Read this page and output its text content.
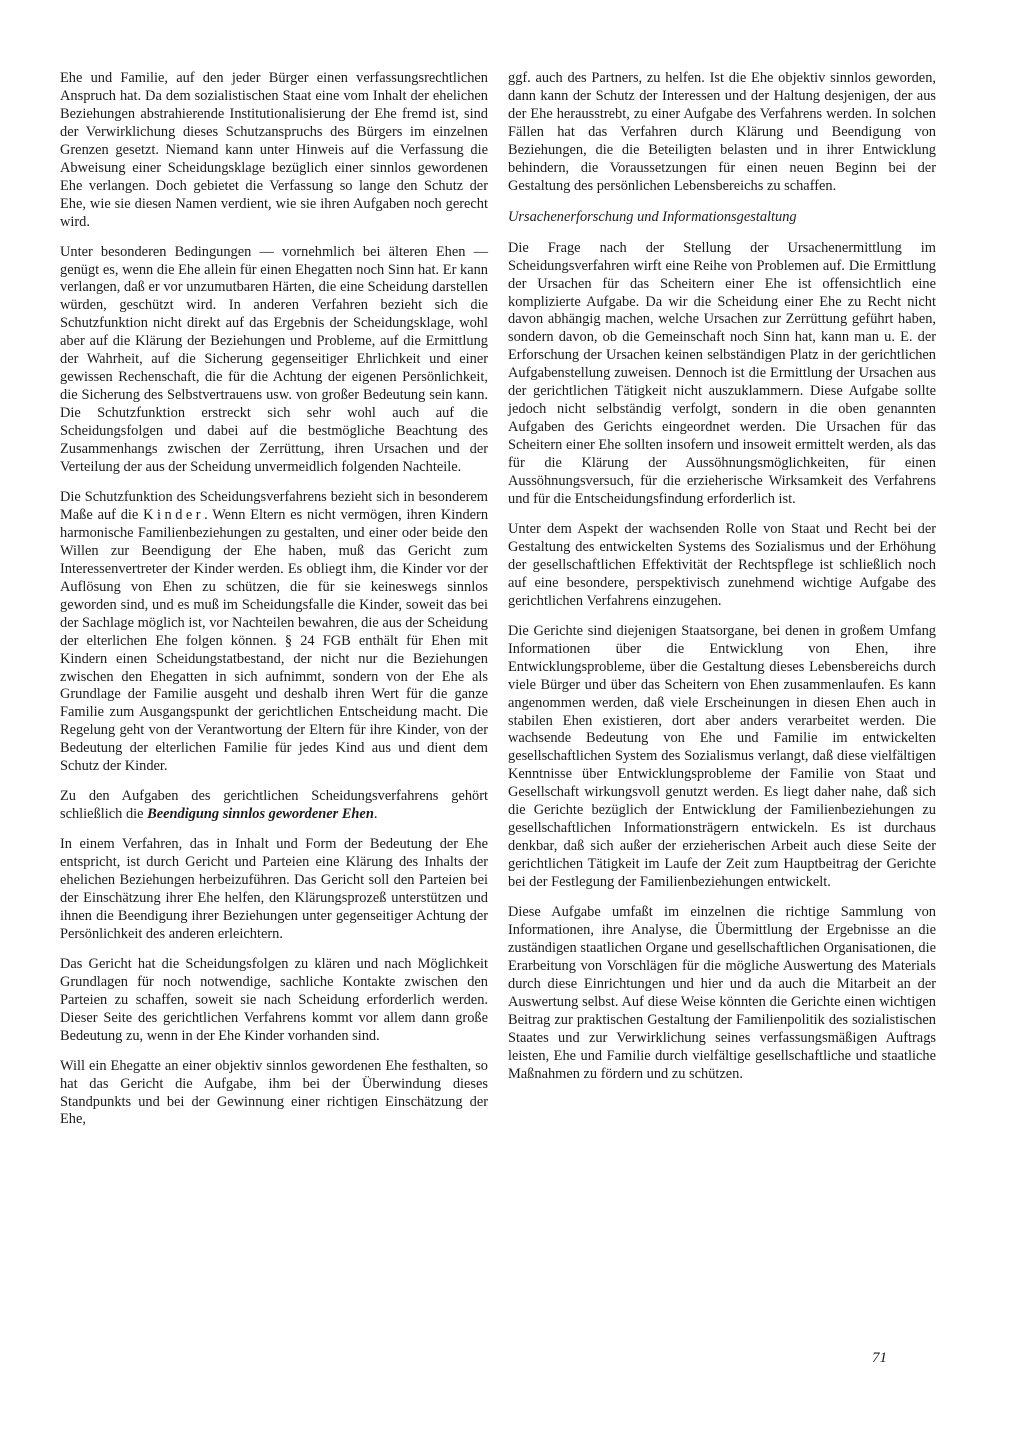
Ehe und Familie, auf den jeder Bürger einen verfassungsrechtlichen Anspruch hat. Da dem sozialistischen Staat eine vom Inhalt der ehelichen Beziehungen abstrahierende Institutionalisierung der Ehe fremd ist, sind der Verwirklichung dieses Schutzanspruchs des Bürgers im einzelnen Grenzen gesetzt. Niemand kann unter Hinweis auf die Verfassung die Abweisung einer Scheidungsklage bezüglich einer sinnlos gewordenen Ehe verlangen. Doch gebietet die Verfassung so lange den Schutz der Ehe, wie sie diesen Namen verdient, wie sie ihren Aufgaben noch gerecht wird.

Unter besonderen Bedingungen — vornehmlich bei älteren Ehen — genügt es, wenn die Ehe allein für einen Ehegatten noch Sinn hat. Er kann verlangen, daß er vor unzumutbaren Härten, die eine Scheidung darstellen würden, geschützt wird. In anderen Verfahren bezieht sich die Schutzfunktion nicht direkt auf das Ergebnis der Scheidungsklage, wohl aber auf die Klärung der Beziehungen und Probleme, auf die Ermittlung der Wahrheit, auf die Sicherung gegenseitiger Ehrlichkeit und einer gewissen Rechenschaft, die für die Achtung der eigenen Persönlichkeit, die Sicherung des Selbstvertrauens usw. von großer Bedeutung sein kann. Die Schutzfunktion erstreckt sich sehr wohl auch auf die Scheidungsfolgen und dabei auf die bestmögliche Beachtung des Zusammenhangs zwischen der Zerrüttung, ihren Ursachen und der Verteilung der aus der Scheidung unvermeidlich folgenden Nachteile.

Die Schutzfunktion des Scheidungsverfahrens bezieht sich in besonderem Maße auf die Kinder. Wenn Eltern es nicht vermögen, ihren Kindern harmonische Familienbeziehungen zu gestalten, und einer oder beide den Willen zur Beendigung der Ehe haben, muß das Gericht zum Interessenvertreter der Kinder werden. Es obliegt ihm, die Kinder vor der Auflösung von Ehen zu schützen, die für sie keineswegs sinnlos geworden sind, und es muß im Scheidungsfalle die Kinder, soweit das bei der Sachlage möglich ist, vor Nachteilen bewahren, die aus der Scheidung der elterlichen Ehe folgen können. § 24 FGB enthält für Ehen mit Kindern einen Scheidungstatbestand, der nicht nur die Beziehungen zwischen den Ehegatten in sich aufnimmt, sondern von der Ehe als Grundlage der Familie ausgeht und deshalb ihren Wert für die ganze Familie zum Ausgangspunkt der gerichtlichen Entscheidung macht. Die Regelung geht von der Verantwortung der Eltern für ihre Kinder, von der Bedeutung der elterlichen Familie für jedes Kind aus und dient dem Schutz der Kinder.

Zu den Aufgaben des gerichtlichen Scheidungsverfahrens gehört schließlich die Beendigung sinnlos gewordener Ehen.

In einem Verfahren, das in Inhalt und Form der Bedeutung der Ehe entspricht, ist durch Gericht und Parteien eine Klärung des Inhalts der ehelichen Beziehungen herbeizuführen. Das Gericht soll den Parteien bei der Einschätzung ihrer Ehe helfen, den Klärungsprozeß unterstützen und ihnen die Beendigung ihrer Beziehungen unter gegenseitiger Achtung der Persönlichkeit des anderen erleichtern.

Das Gericht hat die Scheidungsfolgen zu klären und nach Möglichkeit Grundlagen für noch notwendige, sachliche Kontakte zwischen den Parteien zu schaffen, soweit sie nach Scheidung erforderlich werden. Dieser Seite des gerichtlichen Verfahrens kommt vor allem dann große Bedeutung zu, wenn in der Ehe Kinder vorhanden sind.

Will ein Ehegatte an einer objektiv sinnlos gewordenen Ehe festhalten, so hat das Gericht die Aufgabe, ihm bei der Überwindung dieses Standpunkts und bei der Gewinnung einer richtigen Einschätzung der Ehe,

ggf. auch des Partners, zu helfen. Ist die Ehe objektiv sinnlos geworden, dann kann der Schutz der Interessen und der Haltung desjenigen, der aus der Ehe herausstrebt, zu einer Aufgabe des Verfahrens werden. In solchen Fällen hat das Verfahren durch Klärung und Beendigung von Beziehungen, die die Beteiligten belasten und in ihrer Entwicklung behindern, die Voraussetzungen für einen neuen Beginn bei der Gestaltung des persönlichen Lebensbereichs zu schaffen.

Ursachenerforschung und Informationsgestaltung

Die Frage nach der Stellung der Ursachenermittlung im Scheidungsverfahren wirft eine Reihe von Problemen auf. Die Ermittlung der Ursachen für das Scheitern einer Ehe ist offensichtlich eine komplizierte Aufgabe. Da wir die Scheidung einer Ehe zu Recht nicht davon abhängig machen, welche Ursachen zur Zerrüttung geführt haben, sondern davon, ob die Gemeinschaft noch Sinn hat, kann man u. E. der Erforschung der Ursachen keinen selbständigen Platz in der gerichtlichen Aufgabenstellung zuweisen. Dennoch ist die Ermittlung der Ursachen aus der gerichtlichen Tätigkeit nicht auszuklammern. Diese Aufgabe sollte jedoch nicht selbständig verfolgt, sondern in die oben genannten Aufgaben des Gerichts eingeordnet werden. Die Ursachen für das Scheitern einer Ehe sollten insofern und insoweit ermittelt werden, als das für die Klärung der Aussöhnungsmöglichkeiten, für einen Aussöhnungsversuch, für die erzieherische Wirksamkeit des Verfahrens und für die Entscheidungsfindung erforderlich ist.

Unter dem Aspekt der wachsenden Rolle von Staat und Recht bei der Gestaltung des entwickelten Systems des Sozialismus und der Erhöhung der gesellschaftlichen Effektivität der Rechtspflege ist schließlich noch auf eine besondere, perspektivisch zunehmend wichtige Aufgabe des gerichtlichen Verfahrens einzugehen.

Die Gerichte sind diejenigen Staatsorgane, bei denen in großem Umfang Informationen über die Entwicklung von Ehen, ihre Entwicklungsprobleme, über die Gestaltung dieses Lebensbereichs durch viele Bürger und über das Scheitern von Ehen zusammenlaufen. Es kann angenommen werden, daß viele Erscheinungen in diesen Ehen auch in stabilen Ehen existieren, dort aber anders verarbeitet werden. Die wachsende Bedeutung von Ehe und Familie im entwickelten gesellschaftlichen System des Sozialismus verlangt, daß diese vielfältigen Kenntnisse über Entwicklungsprobleme der Familie von Staat und Gesellschaft wirkungsvoll genutzt werden. Es liegt daher nahe, daß sich die Gerichte bezüglich der Entwicklung der Familienbeziehungen zu gesellschaftlichen Informationsträgern entwickeln. Es ist durchaus denkbar, daß sich außer der erzieherischen Arbeit auch diese Seite der gerichtlichen Tätigkeit im Laufe der Zeit zum Hauptbeitrag der Gerichte bei der Festlegung der Familienbeziehungen entwickelt.

Diese Aufgabe umfaßt im einzelnen die richtige Sammlung von Informationen, ihre Analyse, die Übermittlung der Ergebnisse an die zuständigen staatlichen Organe und gesellschaftlichen Organisationen, die Erarbeitung von Vorschlägen für die mögliche Auswertung des Materials durch diese Einrichtungen und hier und da auch die Mitarbeit an der Auswertung selbst. Auf diese Weise könnten die Gerichte einen wichtigen Beitrag zur praktischen Gestaltung der Familienpolitik des sozialistischen Staates und zur Verwirklichung seines verfassungsmäßigen Auftrags leisten, Ehe und Familie durch vielfältige gesellschaftliche und staatliche Maßnahmen zu fördern und zu schützen.

71
